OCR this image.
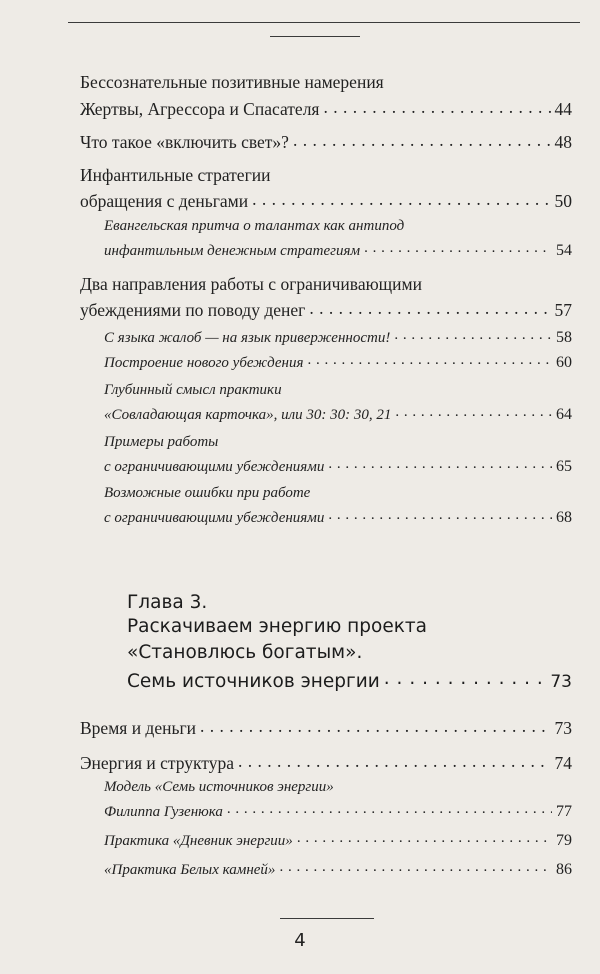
Бессознательные позитивные намерения
Жертвы, Агрессора и Спасателя . . .	44
Что такое «включить свет»? . . .	48
Инфантильные стратегии
обращения с деньгами . . .	50
Евангельская притча о талантах как антипод
инфантильным денежным стратегиям . . .	54
Два направления работы с ограничивающими
убеждениями по поводу денег . . .	57
С языка жалоб — на язык приверженности! . . .	58
Построение нового убеждения . . .	60
Глубинный смысл практики
«Совладающая карточка», или 30: 30: 30, 21 . . .	64
Примеры работы
с ограничивающими убеждениями . . .	65
Возможные ошибки при работе
с ограничивающими убеждениями . . .	68
Глава 3.
Раскачиваем энергию проекта
«Становлюсь богатым».
Семь источников энергии . . .	73
Время и деньги . . .	73
Энергия и структура . . .	74
Модель «Семь источников энергии»
Филиппа Гузенюка . . .	77
Практика «Дневник энергии» . . .	79
«Практика Белых камней» . . .	86
4
